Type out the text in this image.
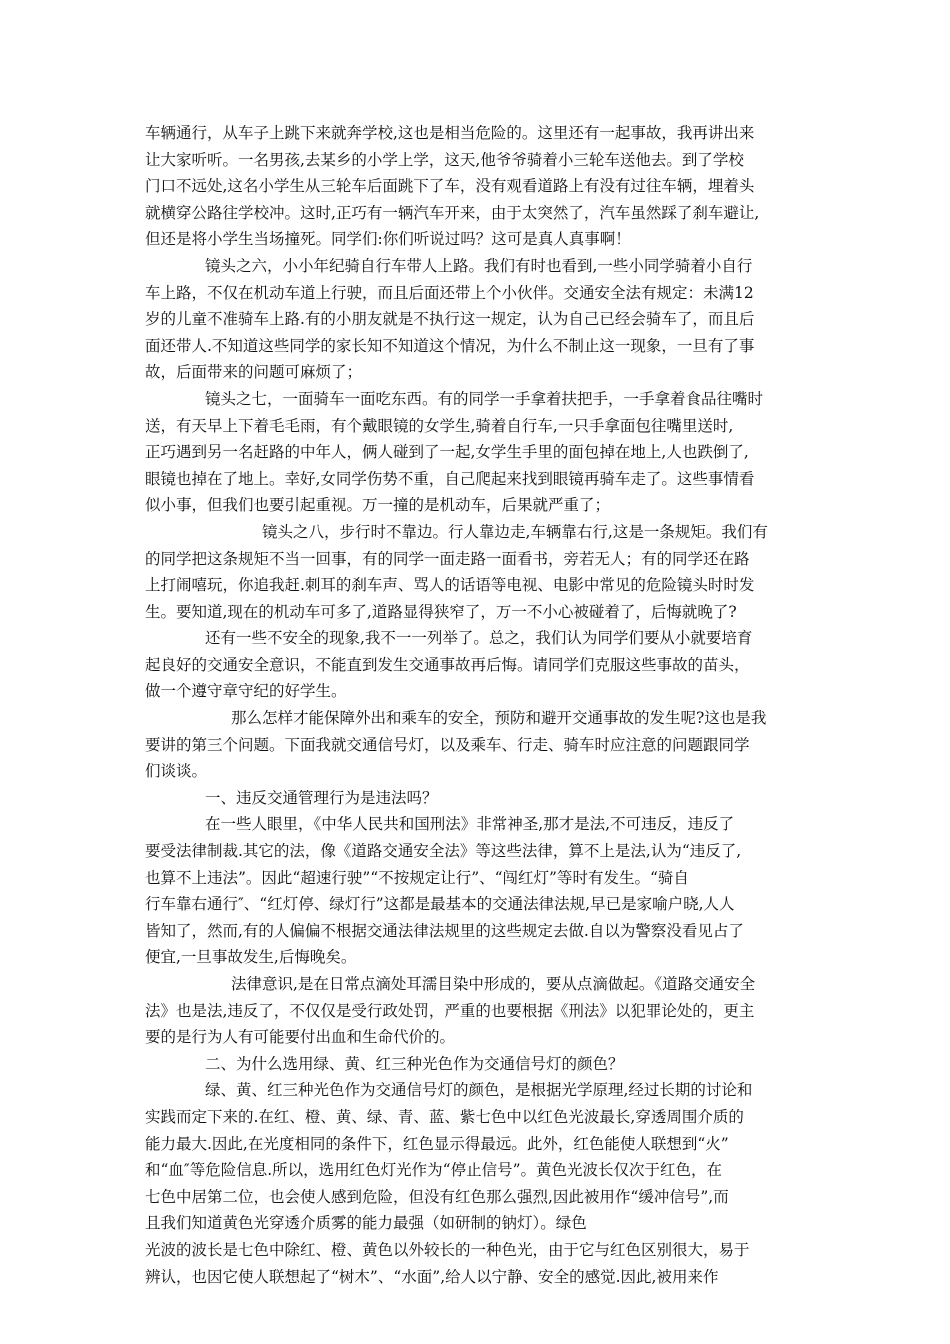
车辆通行，从车子上跳下来就奔学校,这也是相当危险的。这里还有一起事故，我再讲出来
让大家听听。一名男孩,去某乡的小学上学，这天,他爷爷骑着小三轮车送他去。到了学校
门口不远处,这名小学生从三轮车后面跳下了车，没有观看道路上有没有过往车辆，埋着头
就横穿公路往学校冲。这时,正巧有一辆汽车开来，由于太突然了，汽车虽然踩了刹车避让,
但还是将小学生当场撞死。同学们:你们听说过吗？这可是真人真事啊！
镜头之六，小小年纪骑自行车带人上路。我们有时也看到,一些小同学骑着小自行
车上路，不仅在机动车道上行驶，而且后面还带上个小伙伴。交通安全法有规定：未满12
岁的儿童不准骑车上路.有的小朋友就是不执行这一规定，认为自己已经会骑车了，而且后
面还带人.不知道这些同学的家长知不知道这个情况，为什么不制止这一现象，一旦有了事
故，后面带来的问题可麻烦了；
镜头之七，一面骑车一面吃东西。有的同学一手拿着扶把手，一手拿着食品往嘴时
送，有天早上下着毛毛雨，有个戴眼镜的女学生,骑着自行车,一只手拿面包往嘴里送时,
正巧遇到另一名赶路的中年人，俩人碰到了一起,女学生手里的面包掉在地上,人也跌倒了,
眼镜也掉在了地上。幸好,女同学伤势不重，自己爬起来找到眼镜再骑车走了。这些事情看
似小事，但我们也要引起重视。万一撞的是机动车，后果就严重了；
镜头之八，步行时不靠边。行人靠边走,车辆靠右行,这是一条规矩。我们有
的同学把这条规矩不当一回事，有的同学一面走路一面看书，旁若无人；有的同学还在路
上打闹嘻玩，你追我赶.刺耳的刹车声、骂人的话语等电视、电影中常见的危险镜头时时发
生。要知道,现在的机动车可多了,道路显得狭窄了，万一不小心被碰着了，后悔就晚了?
还有一些不安全的现象,我不一一列举了。总之，我们认为同学们要从小就要培育
起良好的交通安全意识，不能直到发生交通事故再后悔。请同学们克服这些事故的苗头，
做一个遵守章守纪的好学生。
那么怎样才能保障外出和乘车的安全，预防和避开交通事故的发生呢?这也是我
要讲的第三个问题。下面我就交通信号灯，以及乘车、行走、骑车时应注意的问题跟同学
们谈谈。
一、违反交通管理行为是违法吗？
在一些人眼里，《中华人民共和国刑法》非常神圣,那才是法,不可违反，违反了
要受法律制裁.其它的法，像《道路交通安全法》等这些法律，算不上是法,认为“违反了,
也算不上违法”。因此“超速行驶”“不按规定让行”、“闯红灯”等时有发生。“骑自
行车靠右通行″、“红灯停、绿灯行”这都是最基本的交通法律法规,早已是家喻户晓,人人
皆知了，然而,有的人偏偏不根据交通法律法规里的这些规定去做.自以为警察没看见占了
便宜,一旦事故发生,后悔晚矣。
法律意识,是在日常点滴处耳濡目染中形成的，要从点滴做起。《道路交通安全
法》也是法,违反了，不仅仅是受行政处罚，严重的也要根据《刑法》以犯罪论处的，更主
要的是行为人有可能要付出血和生命代价的。
二、为什么选用绿、黄、红三种光色作为交通信号灯的颜色？
绿、黄、红三种光色作为交通信号灯的颜色，是根据光学原理,经过长期的讨论和
实践而定下来的.在红、橙、黄、绿、青、蓝、紫七色中以红色光波最长,穿透周围介质的
能力最大.因此,在光度相同的条件下，红色显示得最远。此外，红色能使人联想到“火”
和“血″等危险信息.所以，选用红色灯光作为“停止信号”。黄色光波长仅次于红色，在
七色中居第二位，也会使人感到危险，但没有红色那么强烈,因此被用作“缓冲信号”,而
且我们知道黄色光穿透介质雾的能力最强（如研制的钠灯）。绿色
光波的波长是七色中除红、橙、黄色以外较长的一种色光，由于它与红色区别很大，易于
辨认，也因它使人联想起了“树木”、“水面”,给人以宁静、安全的感觉.因此,被用来作
